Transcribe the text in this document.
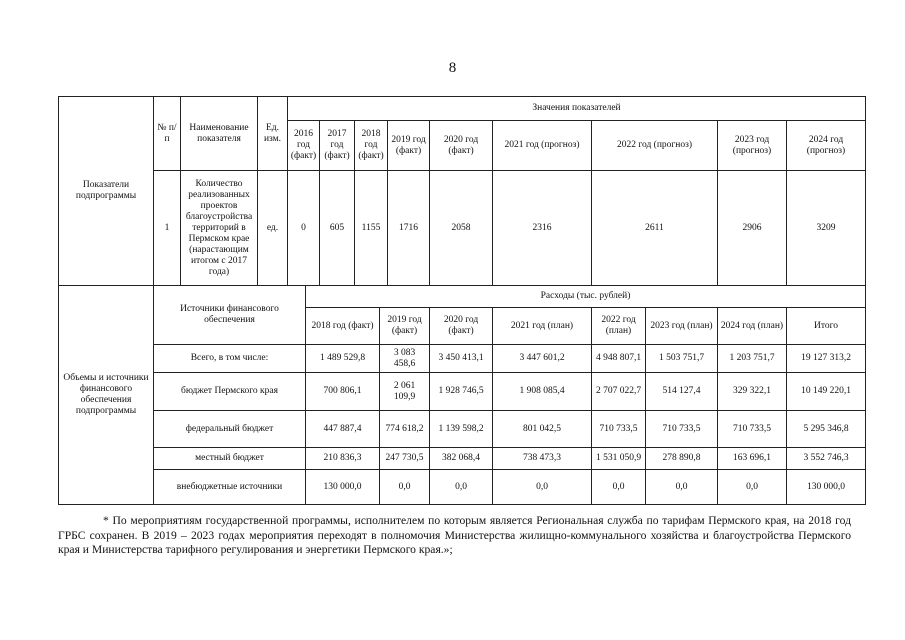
8
Показатели подпрограммы	№ п/п	Наименование показателя	Ед. изм.	Значения показателей											
				2016 год (факт)		2017 год (факт)	2018 год (факт)		2019 год (факт)	2020 год (факт)	2021 год (прогноз)	2022 год (прогноз)		2023 год (прогноз)	2024 год (прогноз)
	1	Количество реализованных проектов благоустройства территорий в Пермском крае (нарастающим итогом с 2017 года)	ед.	0		605	1155		1716	2058	2316	2611		2906	3209
Объемы и источники финансового обеспечения подпрограммы	Источники финансового обеспечения				Расходы (тыс. рублей)										
					2018 год (факт)			2019 год (факт)		2020 год (факт)	2021 год (план)	2022 год (план)	2023 год (план)	2024 год (план)	Итого
	Всего, в том числе:				1 489 529,8			3 083 458,6		3 450 413,1	3 447 601,2	4 948 807,1	1 503 751,7	1 203 751,7	19 127 313,2
	бюджет Пермского края				700 806,1			2 061 109,9		1 928 746,5	1 908 085,4	2 707 022,7	514 127,4	329 322,1	10 149 220,1
	федеральный бюджет				447 887,4			774 618,2		1 139 598,2	801 042,5	710 733,5	710 733,5	710 733,5	5 295 346,8
	местный бюджет				210 836,3			247 730,5		382 068,4	738 473,3	1 531 050,9	278 890,8	163 696,1	3 552 746,3
	внебюджетные источники				130 000,0			0,0		0,0	0,0	0,0	0,0	0,0	130 000,0
* По мероприятиям государственной программы, исполнителем по которым является Региональная служба по тарифам Пермского края, на 2018 год ГРБС сохранен. В 2019 – 2023 годах мероприятия переходят в полномочия Министерства жилищно-коммунального хозяйства и благоустройства Пермского края и Министерства тарифного регулирования и энергетики Пермского края.»;
